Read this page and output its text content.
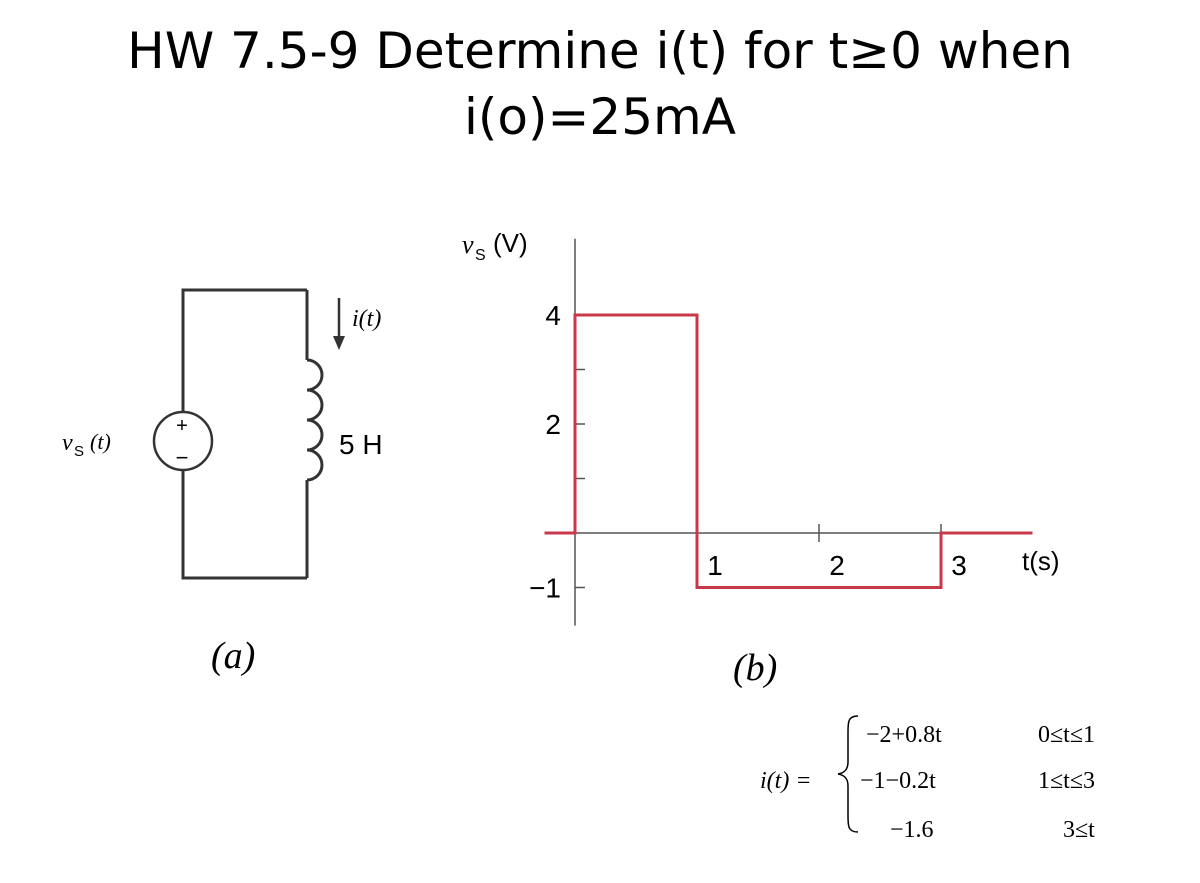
HW 7.5-9 Determine i(t) for t≥0 when
i(o)=25mA
+
−
v S (t)
i(t)
5 H
(a)
1	2	3
4
2
−1
v S (V)
t(s)
(b)
i(t) =
−2+0.8t
−1−0.2t
−1.6
0≤t≤1
1≤t≤3
3≤t
